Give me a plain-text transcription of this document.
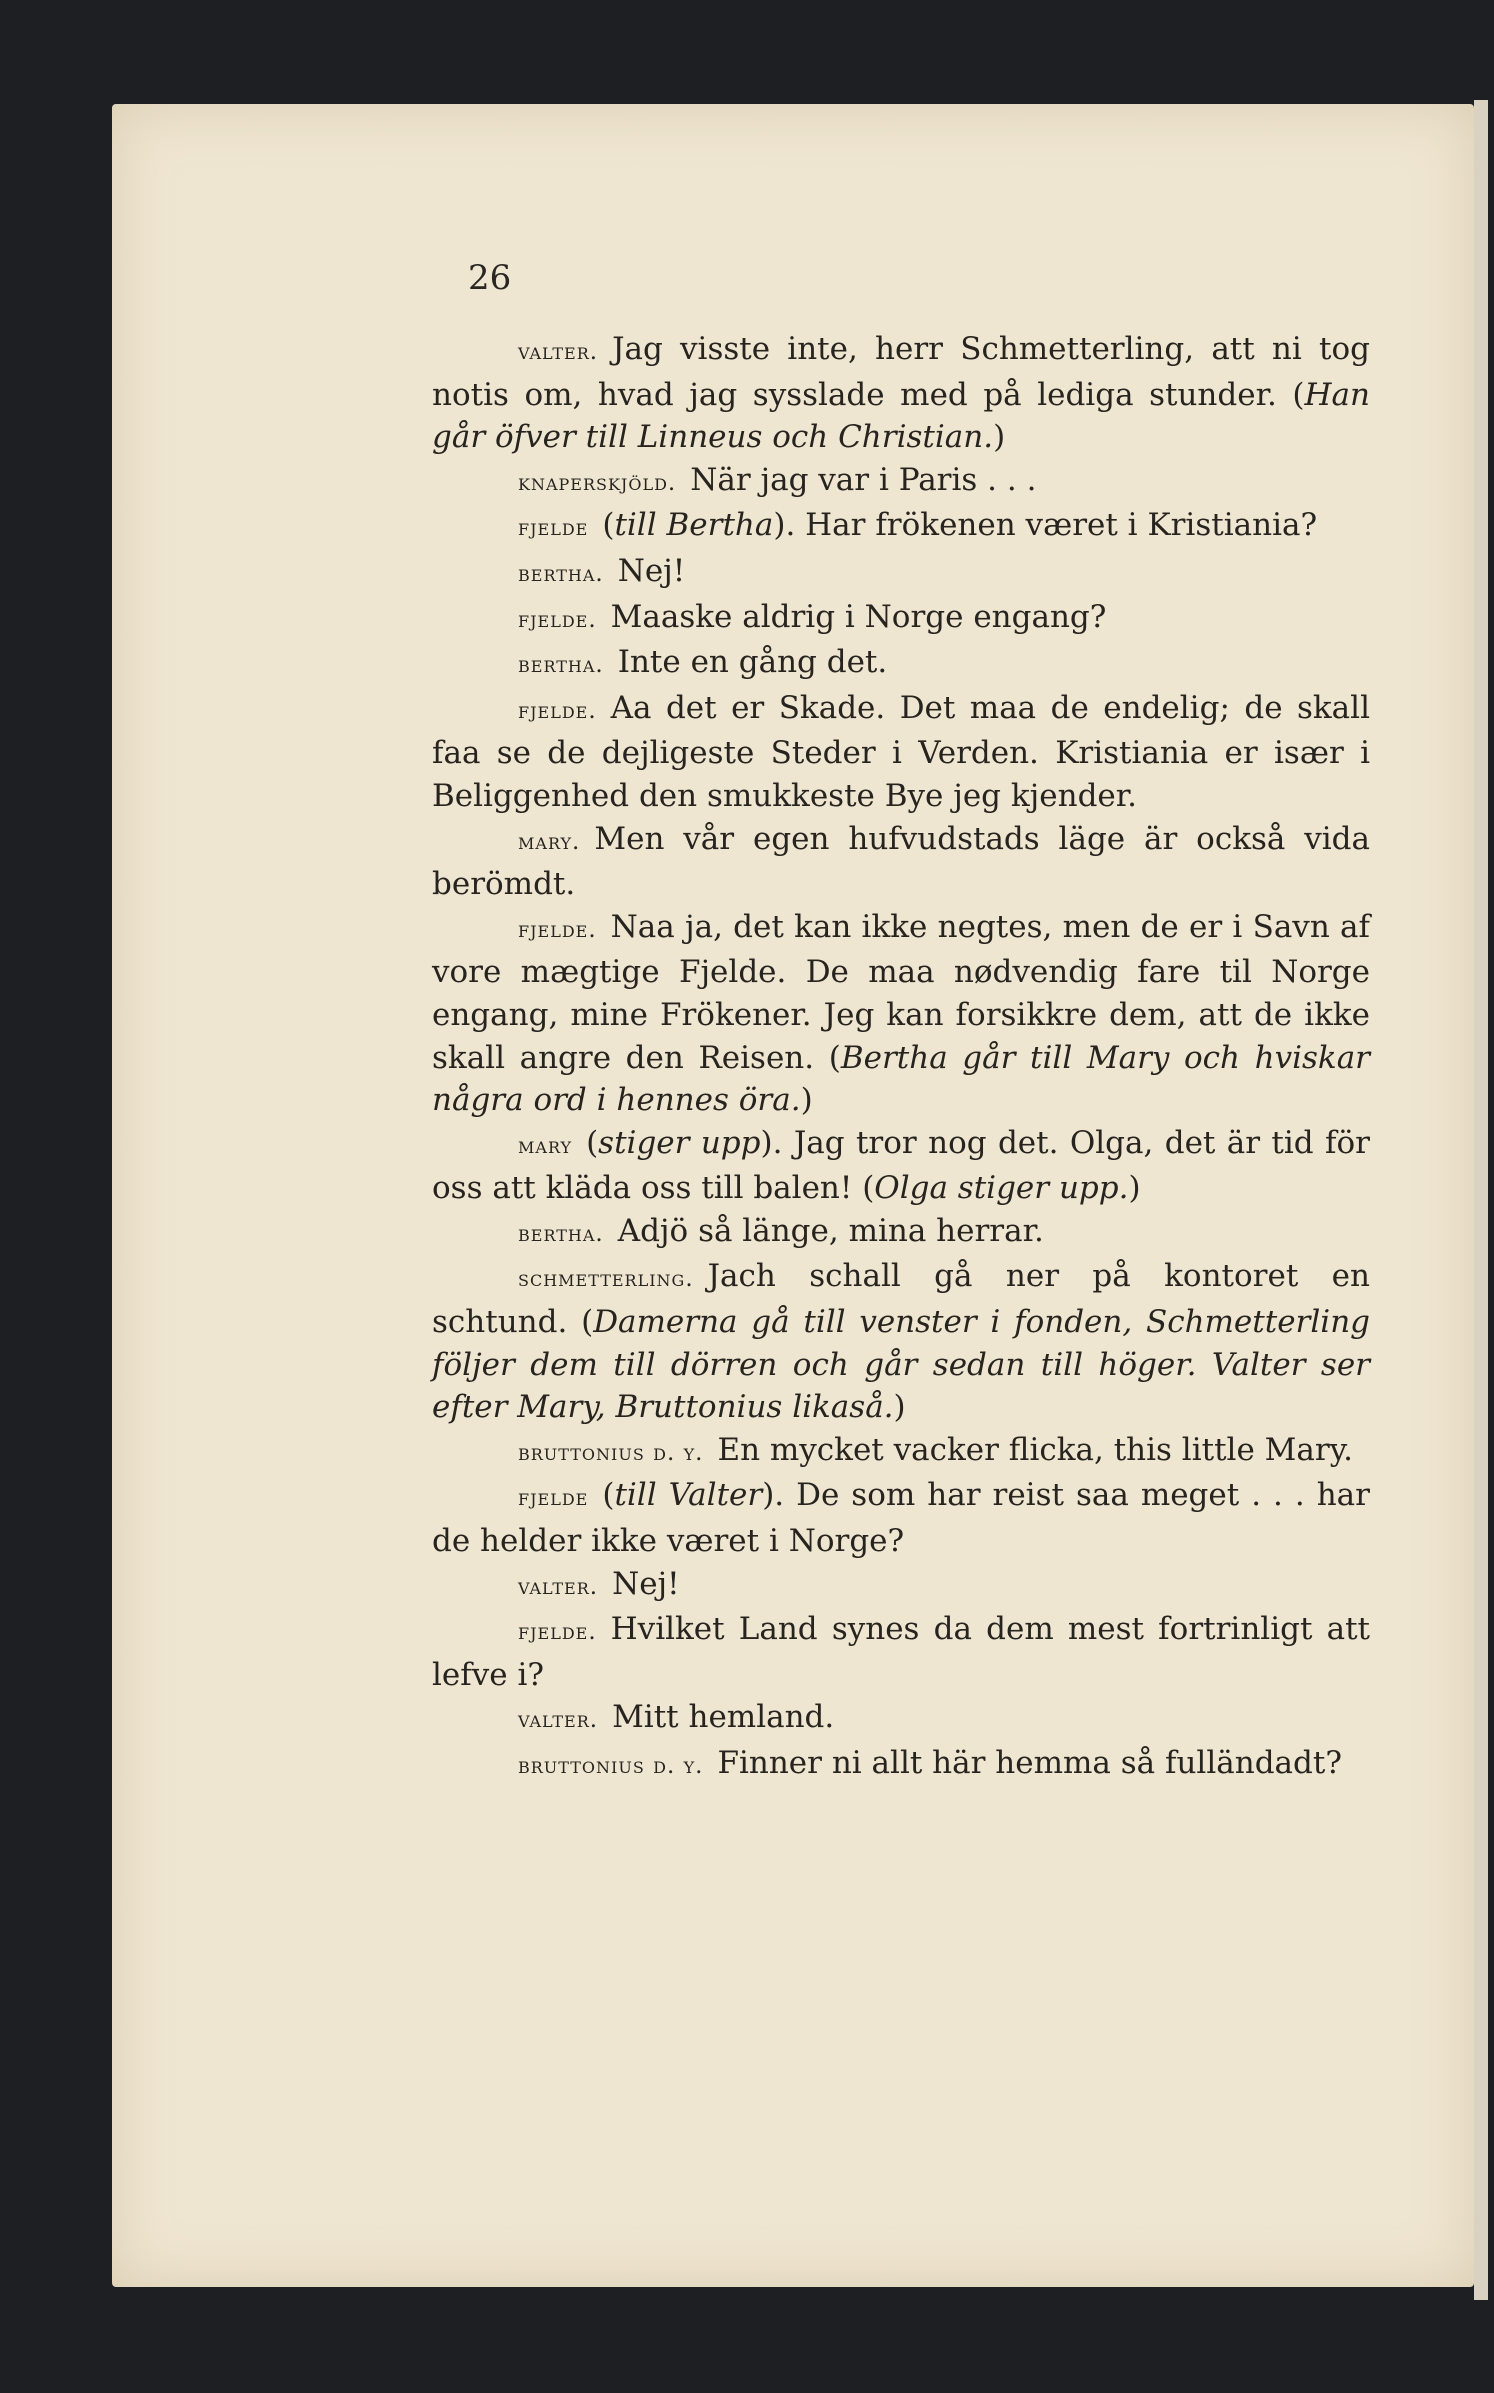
26

valter. Jag visste inte, herr Schmetterling, att ni tog notis om, hvad jag sysslade med på lediga stunder. (Han går öfver till Linneus och Christian.)

knaperskjöld. När jag var i Paris . . .

fjelde (till Bertha). Har frökenen været i Kristiania?

bertha. Nej!

fjelde. Maaske aldrig i Norge engang?

bertha. Inte en gång det.

fjelde. Aa det er Skade. Det maa de endelig; de skall faa se de dejligeste Steder i Verden. Kristiania er især i Beliggenhed den smukkeste Bye jeg kjender.

mary. Men vår egen hufvudstads läge är också vida berömdt.

fjelde. Naa ja, det kan ikke negtes, men de er i Savn af vore mægtige Fjelde. De maa nødvendig fare til Norge engang, mine Frökener. Jeg kan forsikkre dem, att de ikke skall angre den Reisen. (Bertha går till Mary och hviskar några ord i hennes öra.)

mary (stiger upp). Jag tror nog det. Olga, det är tid för oss att kläda oss till balen! (Olga stiger upp.)

bertha. Adjö så länge, mina herrar.

schmetterling. Jach schall gå ner på kontoret en schtund. (Damerna gå till venster i fonden, Schmetterling följer dem till dörren och går sedan till höger. Valter ser efter Mary, Bruttonius likaså.)

bruttonius d. y. En mycket vacker flicka, this little Mary.

fjelde (till Valter). De som har reist saa meget . . . har de helder ikke været i Norge?

valter. Nej!

fjelde. Hvilket Land synes da dem mest fortrinligt att lefve i?

valter. Mitt hemland.

bruttonius d. y. Finner ni allt här hemma så fulländadt?
